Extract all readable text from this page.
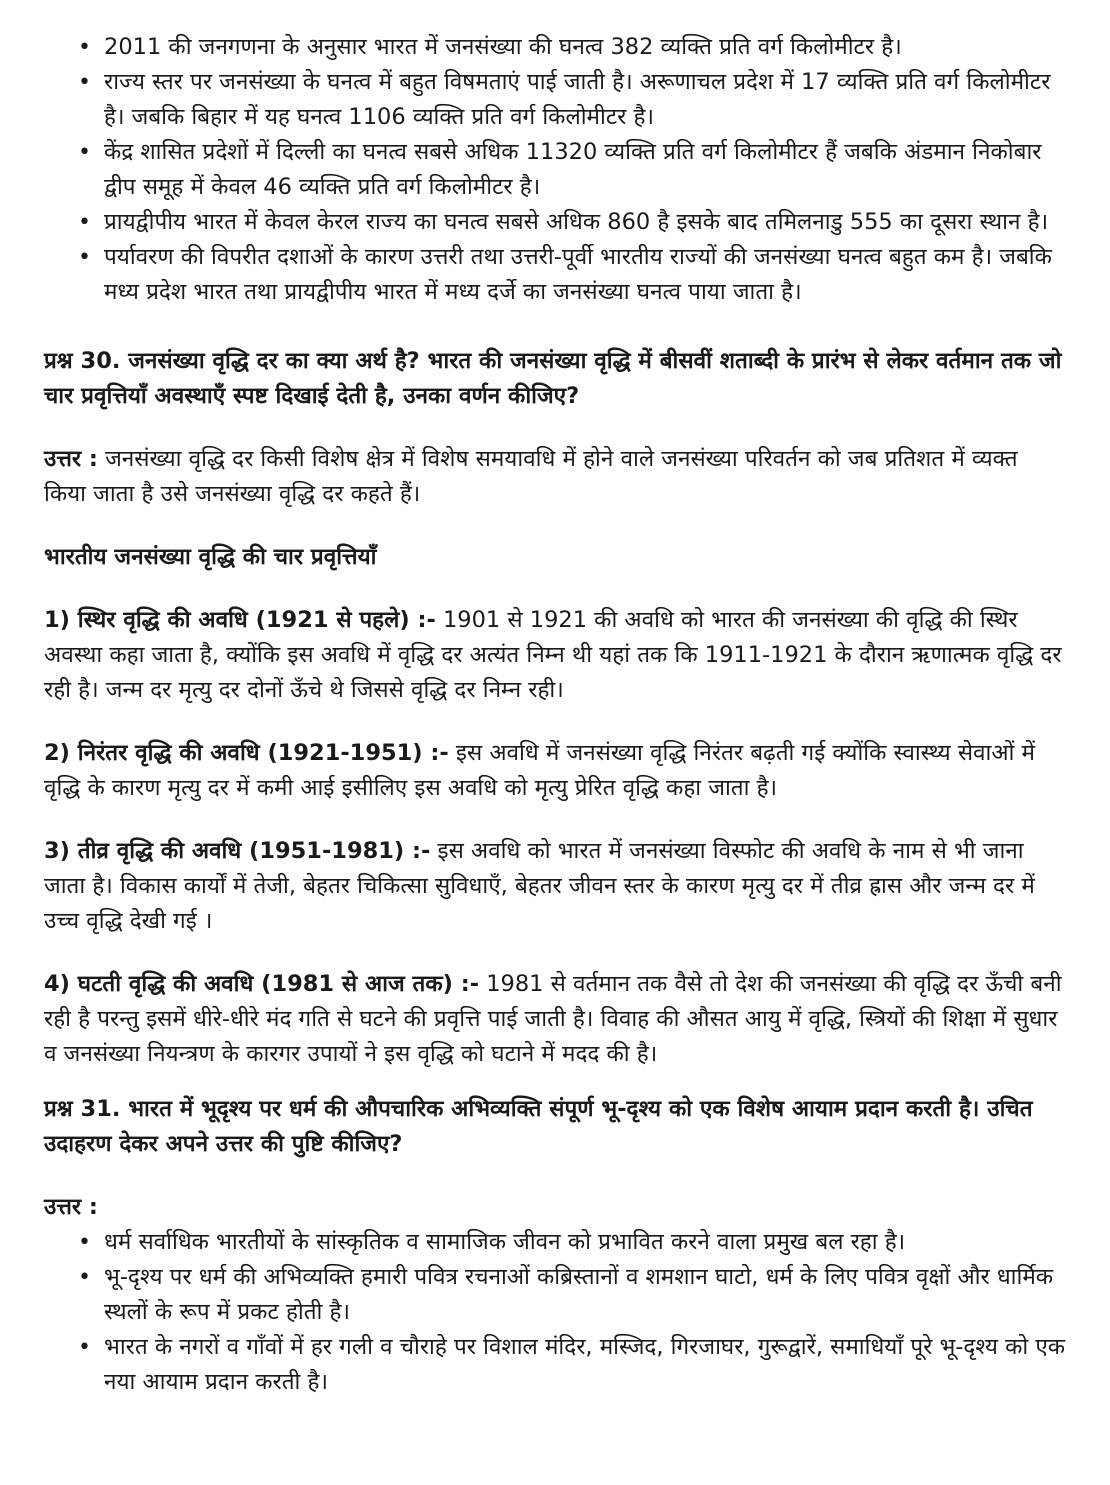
• 2011 की जनगणना के अनुसार भारत में जनसंख्या की घनत्व 382 व्यक्ति प्रति वर्ग किलोमीटर है।
• राज्य स्तर पर जनसंख्या के घनत्व में बहुत विषमताएं पाई जाती है। अरूणाचल प्रदेश में 17 व्यक्ति प्रति वर्ग किलोमीटर है। जबकि बिहार में यह घनत्व 1106 व्यक्ति प्रति वर्ग किलोमीटर है।
• केंद्र शासित प्रदेशों में दिल्ली का घनत्व सबसे अधिक 11320 व्यक्ति प्रति वर्ग किलोमीटर हैं जबकि अंडमान निकोबार द्वीप समूह में केवल 46 व्यक्ति प्रति वर्ग किलोमीटर है।
• प्रायद्वीपीय भारत में केवल केरल राज्य का घनत्व सबसे अधिक 860 है इसके बाद तमिलनाडु 555 का दूसरा स्थान है।
• पर्यावरण की विपरीत दशाओं के कारण उत्तरी तथा उत्तरी-पूर्वी भारतीय राज्यों की जनसंख्या घनत्व बहुत कम है। जबकि मध्य प्रदेश भारत तथा प्रायद्वीपीय भारत में मध्य दर्जे का जनसंख्या घनत्व पाया जाता है।

प्रश्न 30. जनसंख्या वृद्धि दर का क्या अर्थ है? भारत की जनसंख्या वृद्धि में बीसवीं शताब्दी के प्रारंभ से लेकर वर्तमान तक जो चार प्रवृत्तियाँ अवस्थाएँ स्पष्ट दिखाई देती है, उनका वर्णन कीजिए?

उत्तर : जनसंख्या वृद्धि दर किसी विशेष क्षेत्र में विशेष समयावधि में होने वाले जनसंख्या परिवर्तन को जब प्रतिशत में व्यक्त किया जाता है उसे जनसंख्या वृद्धि दर कहते हैं।

भारतीय जनसंख्या वृद्धि की चार प्रवृत्तियाँ

1) स्थिर वृद्धि की अवधि (1921 से पहले) :- 1901 से 1921 की अवधि को भारत की जनसंख्या की वृद्धि की स्थिर अवस्था कहा जाता है, क्योंकि इस अवधि में वृद्धि दर अत्यंत निम्न थी यहां तक कि 1911-1921 के दौरान ऋणात्मक वृद्धि दर रही है। जन्म दर मृत्यु दर दोनों ऊँचे थे जिससे वृद्धि दर निम्न रही।

2) निरंतर वृद्धि की अवधि (1921-1951) :- इस अवधि में जनसंख्या वृद्धि निरंतर बढ़ती गई क्योंकि स्वास्थ्य सेवाओं में वृद्धि के कारण मृत्यु दर में कमी आई इसीलिए इस अवधि को मृत्यु प्रेरित वृद्धि कहा जाता है।

3) तीव्र वृद्धि की अवधि (1951-1981) :- इस अवधि को भारत में जनसंख्या विस्फोट की अवधि के नाम से भी जाना जाता है। विकास कार्यों में तेजी, बेहतर चिकित्सा सुविधाएँ, बेहतर जीवन स्तर के कारण मृत्यु दर में तीव्र ह्रास और जन्म दर में उच्च वृद्धि देखी गई ।

4) घटती वृद्धि की अवधि (1981 से आज तक) :- 1981 से वर्तमान तक वैसे तो देश की जनसंख्या की वृद्धि दर ऊँची बनी रही है परन्तु इसमें धीरे-धीरे मंद गति से घटने की प्रवृत्ति पाई जाती है। विवाह की औसत आयु में वृद्धि, स्त्रियों की शिक्षा में सुधार व जनसंख्या नियन्त्रण के कारगर उपायों ने इस वृद्धि को घटाने में मदद की है।

प्रश्न 31. भारत में भूदृश्य पर धर्म की औपचारिक अभिव्यक्ति संपूर्ण भू-दृश्य को एक विशेष आयाम प्रदान करती है। उचित उदाहरण देकर अपने उत्तर की पुष्टि कीजिए?

उत्तर :

• धर्म सर्वाधिक भारतीयों के सांस्कृतिक व सामाजिक जीवन को प्रभावित करने वाला प्रमुख बल रहा है।
• भू-दृश्य पर धर्म की अभिव्यक्ति हमारी पवित्र रचनाओं कब्रिस्तानों व शमशान घाटो, धर्म के लिए पवित्र वृक्षों और धार्मिक स्थलों के रूप में प्रकट होती है।
• भारत के नगरों व गाँवों में हर गली व चौराहे पर विशाल मंदिर, मस्जिद, गिरजाघर, गुरूद्वारें, समाधियाँ पूरे भू-दृश्य को एक नया आयाम प्रदान करती है।
